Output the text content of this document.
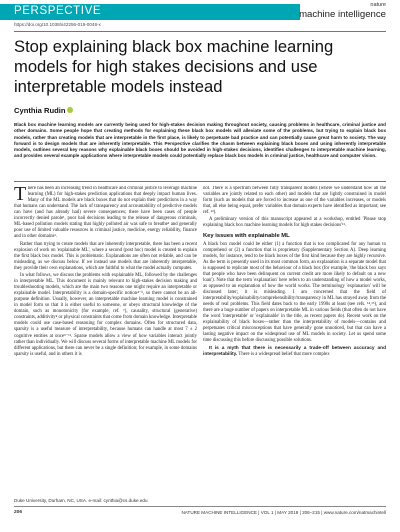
PERSPECTIVE
https://doi.org/10.1038/s42256-019-0048-x
nature
machine intelligence
Stop explaining black box machine learning models for high stakes decisions and use interpretable models instead
Cynthia Rudin

Black box machine learning models are currently being used for high-stakes decision making throughout society, causing problems in healthcare, criminal justice and other domains. Some people hope that creating methods for explaining these black box models will alleviate some of the problems, but trying to explain black box models, rather than creating models that are interpretable in the first place, is likely to perpetuate bad practice and can potentially cause great harm to society. The way forward is to design models that are inherently interpretable. This Perspective clarifies the chasm between explaining black boxes and using inherently interpretable models, outlines several key reasons why explainable black boxes should be avoided in high-stakes decisions, identifies challenges to interpretable machine learning, and provides several example applications where interpretable models could potentially replace black box models in criminal justice, healthcare and computer vision.

There has been an increasing trend in healthcare and criminal justice to leverage machine learning (ML) for high-stakes prediction applications that deeply impact human lives. Many of the ML models are black boxes that do not explain their predictions in a way that humans can understand. The lack of transparency and accountability of predictive models can have (and has already had) severe consequences; there have been cases of people incorrectly denied parole¹, poor bail decisions leading to the release of dangerous criminals, ML-based pollution models stating that highly polluted air was safe to breathe² and generally poor use of limited valuable resources in criminal justice, medicine, energy reliability, finance and in other domains³.

Rather than trying to create models that are inherently interpretable, there has been a recent explosion of work on 'explainable ML', where a second (post hoc) model is created to explain the first black box model. This is problematic. Explanations are often not reliable, and can be misleading, as we discuss below. If we instead use models that are inherently interpretable, they provide their own explanations, which are faithful to what the model actually computes.

In what follows, we discuss the problems with explainable ML, followed by the challenges in interpretable ML. This document is mainly relevant to high-stakes decision making and troubleshooting models, which are the main two reasons one might require an interpretable or explainable model. Interpretability is a domain-specific notion⁴⁻⁶, so there cannot be an all-purpose definition. Usually, however, an interpretable machine learning model is constrained in model form so that it is either useful to someone, or obeys structural knowledge of the domain, such as monotonicity (for example, ref. ⁷), causality, structural (generative) constraints, additivity⁸ or physical constraints that come from domain knowledge. Interpretable models could use case-based reasoning for complex domains. Often for structured data, sparsity is a useful measure of interpretability, because humans can handle at most 7 ± 2 cognitive entities at once⁹⁻¹¹. Sparse models allow a view of how variables interact jointly rather than individually. We will discuss several forms of interpretable machine ML models for different applications, but there can never be a single definition; for example, in some domains sparsity is useful, and in others it is

not. There is a spectrum between fully transparent models (where we understand how all the variables are jointly related to each other) and models that are lightly constrained in model form (such as models that are forced to increase as one of the variables increases, or models that, all else being equal, prefer variables that domain experts have identified as important; see ref. ¹²).

A preliminary version of this manuscript appeared at a workshop, entitled 'Please stop explaining black box machine learning models for high stakes decisions'¹³.

Key issues with explainable ML

A black box model could be either (1) a function that is too complicated for any human to comprehend or (2) a function that is proprietary (Supplementary Section A). Deep learning models, for instance, tend to be black boxes of the first kind because they are highly recursive. As the term is presently used in its most common form, an explanation is a separate model that is supposed to replicate most of the behaviour of a black box (for example, 'the black box says that people who have been delinquent on current credit are more likely to default on a new loan'). Note that the term 'explanation' here refers to an understanding of how a model works, as opposed to an explanation of how the world works. The terminology 'explanation' will be discussed later; it is misleading. I am concerned that the field of interpretability/explainability/comprehensibility/transparency in ML has strayed away from the needs of real problems. This field dates back to the early 1990s at least (see refs. ¹⁴,¹⁵), and there are a huge number of papers on interpretable ML in various fields (that often do not have the word 'interpretable' or 'explainable' in the title, as recent papers do). Recent work on the explainability of black boxes—rather than the interpretability of models—contains and perpetuates critical misconceptions that have generally gone unnoticed, but that can have a lasting negative impact on the widespread use of ML models in society. Let us spend some time discussing this before discussing possible solutions.

It is a myth that there is necessarily a trade-off between accuracy and interpretability. There is a widespread belief that more complex

Duke University, Durham, NC, USA. e-mail: cynthia@cs.duke.edu
206	NATURE MACHINE INTELLIGENCE | VOL 1 | MAY 2019 | 206–215 | www.nature.com/natmachintell
